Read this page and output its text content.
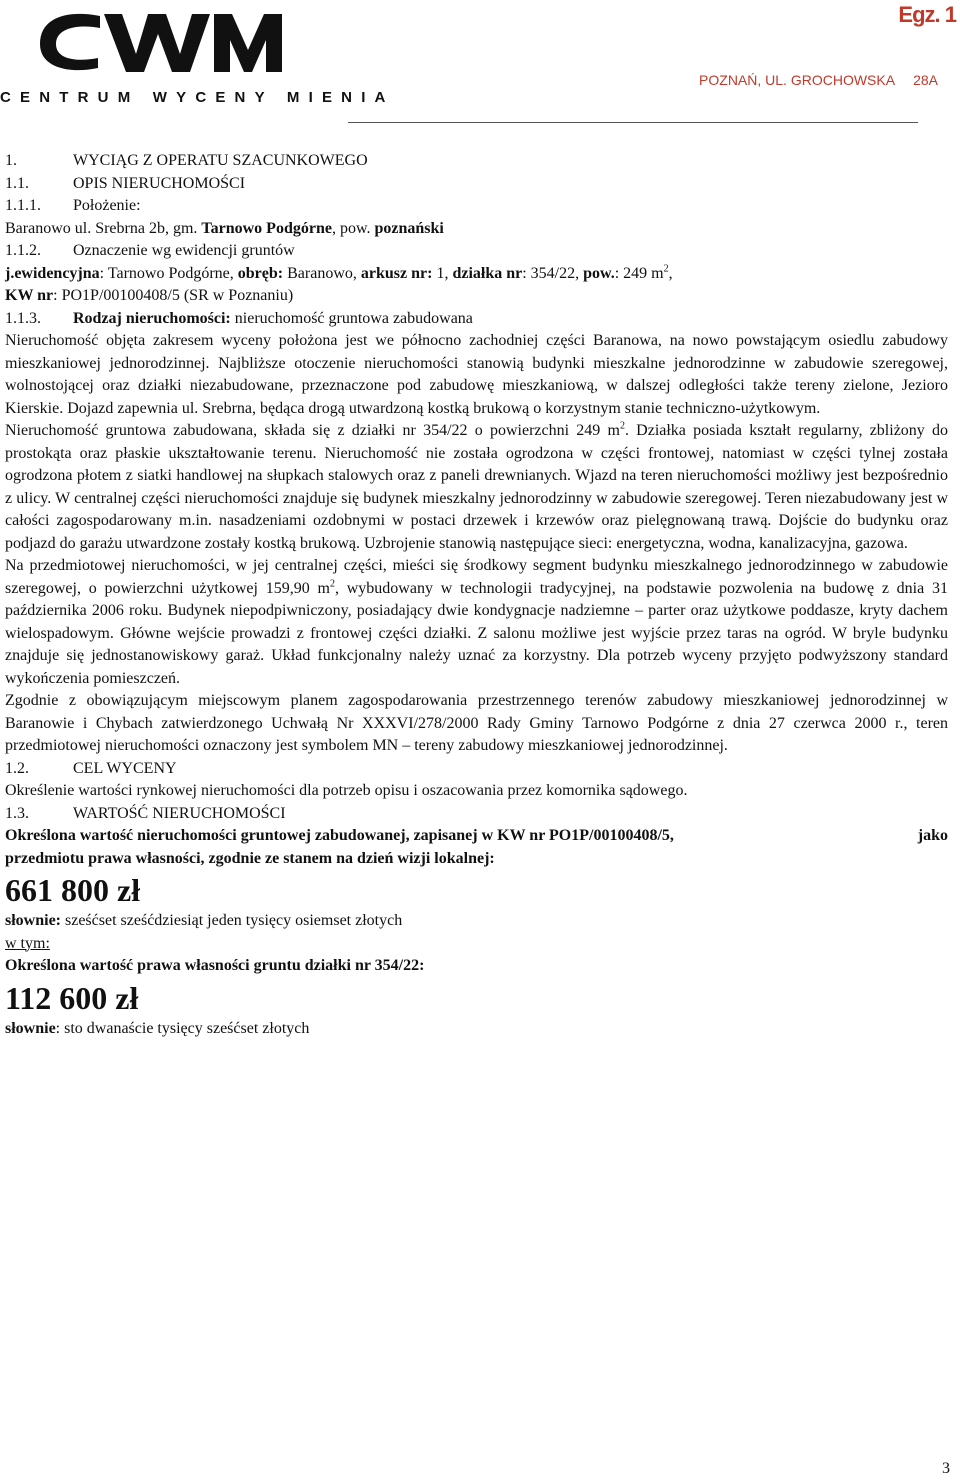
CENTRUM WYCENY MIENIA
Egz. 1
POZNAŃ, UL. GROCHOWSKA 28A

1.	WYCIĄG Z OPERATU SZACUNKOWEGO

1.1.	OPIS NIERUCHOMOŚCI

1.1.1. Położenie:

Baranowo ul. Srebrna 2b, gm. Tarnowo Podgórne, pow. poznański

1.1.2. Oznaczenie wg ewidencji gruntów

j.ewidencyjna: Tarnowo Podgórne, obręb: Baranowo, arkusz nr: 1, działka nr: 354/22, pow.: 249 $m^2$,

KW nr: PO1P/00100408/5 (SR w Poznaniu)

1.1.3. Rodzaj nieruchomości: nieruchomość gruntowa zabudowana

Nieruchomość objęta zakresem wyceny położona jest we północno zachodniej części Baranowa, na nowo powstającym osiedlu zabudowy mieszkaniowej jednorodzinnej. Najbliższe otoczenie nieruchomości stanowią budynki mieszkalne jednorodzinne w zabudowie szeregowej, wolnostojącej oraz działki niezabudowane, przeznaczone pod zabudowę mieszkaniową, w dalszej odległości także tereny zielone, Jezioro Kierskie. Dojazd zapewnia ul. Srebrna, będąca drogą utwardzoną kostką brukową o korzystnym stanie techniczno-użytkowym.

Nieruchomość gruntowa zabudowana, składa się z działki nr 354/22 o powierzchni 249 $m^2$. Działka posiada kształt regularny, zbliżony do prostokąta oraz płaskie ukształtowanie terenu. Nieruchomość nie została ogrodzona w części frontowej, natomiast w części tylnej została ogrodzona płotem z siatki handlowej na słupkach stalowych oraz z paneli drewnianych. Wjazd na teren nieruchomości możliwy jest bezpośrednio z ulicy. W centralnej części nieruchomości znajduje się budynek mieszkalny jednorodzinny w zabudowie szeregowej. Teren niezabudowany jest w całości zagospodarowany m.in. nasadzeniami ozdobnymi w postaci drzewek i krzewów oraz pielęgnowaną trawą. Dojście do budynku oraz podjazd do garażu utwardzone zostały kostką brukową. Uzbrojenie stanowią następujące sieci: energetyczna, wodna, kanalizacyjna, gazowa.

Na przedmiotowej nieruchomości, w jej centralnej części, mieści się środkowy segment budynku mieszkalnego jednorodzinnego w zabudowie szeregowej, o powierzchni użytkowej 159,90 $m^2$, wybudowany w technologii tradycyjnej, na podstawie pozwolenia na budowę z dnia 31 października 2006 roku. Budynek niepodpiwniczony, posiadający dwie kondygnacje nadziemne – parter oraz użytkowe poddasze, kryty dachem wielospadowym. Główne wejście prowadzi z frontowej części działki. Z salonu możliwe jest wyjście przez taras na ogród. W bryle budynku znajduje się jednostanowiskowy garaż. Układ funkcjonalny należy uznać za korzystny. Dla potrzeb wyceny przyjęto podwyższony standard wykończenia pomieszczeń.

Zgodnie z obowiązującym miejscowym planem zagospodarowania przestrzennego terenów zabudowy mieszkaniowej jednorodzinnej w Baranowie i Chybach zatwierdzonego Uchwałą Nr XXXVI/278/2000 Rady Gminy Tarnowo Podgórne z dnia 27 czerwca 2000 r., teren przedmiotowej nieruchomości oznaczony jest symbolem MN – tereny zabudowy mieszkaniowej jednorodzinnej.

1.2.	CEL WYCENY

Określenie wartości rynkowej nieruchomości dla potrzeb opisu i oszacowania przez komornika sądowego.

1.3.	WARTOŚĆ NIERUCHOMOŚCI

Określona wartość nieruchomości gruntowej zabudowanej, zapisanej w KW nr PO1P/00100408/5,	jako

przedmiotu prawa własności, zgodnie ze stanem na dzień wizji lokalnej:

661 800 zł

słownie: sześćset sześćdziesiąt jeden tysięcy osiemset złotych

w tym:

Określona wartość prawa własności gruntu działki nr 354/22:

112 600 zł

słownie: sto dwanaście tysięcy sześćset złotych

3
